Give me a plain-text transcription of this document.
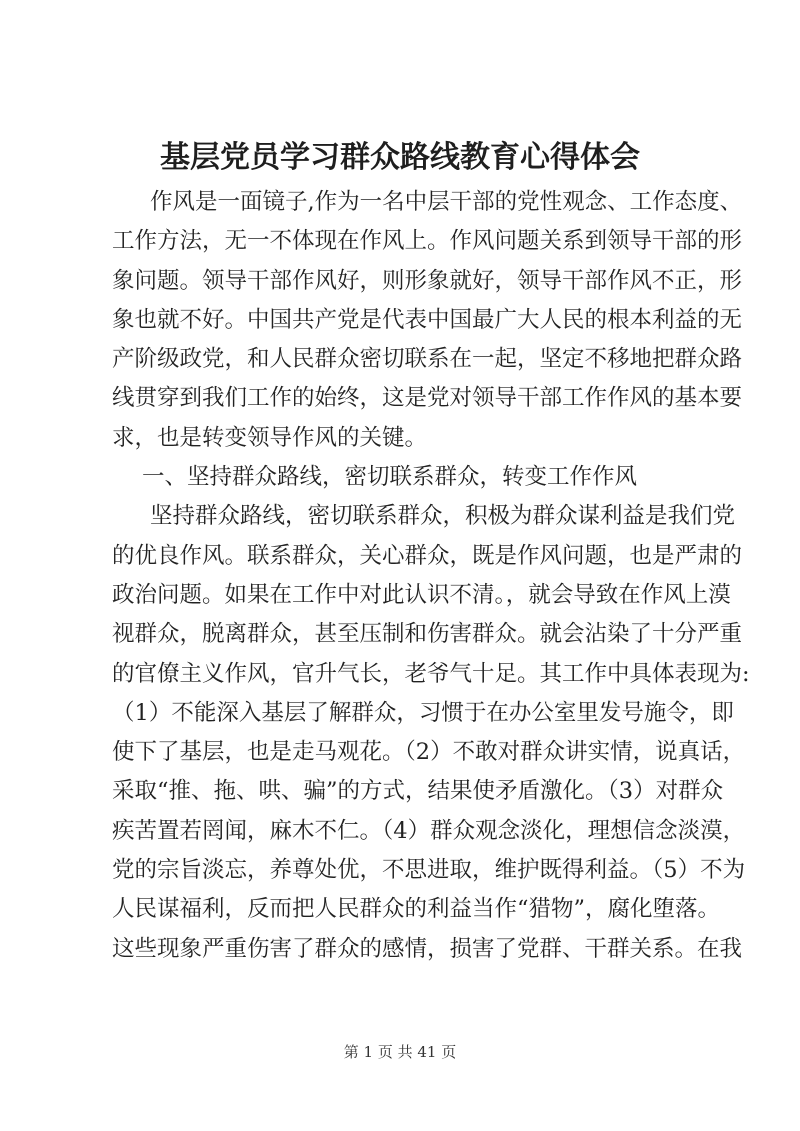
基层党员学习群众路线教育心得体会
作风是一面镜子,作为一名中层干部的党性观念、工作态度、
工作方法，无一不体现在作风上。作风问题关系到领导干部的形
象问题。领导干部作风好，则形象就好，领导干部作风不正，形
象也就不好。中国共产党是代表中国最广大人民的根本利益的无
产阶级政党，和人民群众密切联系在一起，坚定不移地把群众路
线贯穿到我们工作的始终，这是党对领导干部工作作风的基本要
求，也是转变领导作风的关键。
一、坚持群众路线，密切联系群众，转变工作作风
坚持群众路线，密切联系群众，积极为群众谋利益是我们党
的优良作风。联系群众，关心群众，既是作风问题，也是严肃的
政治问题。如果在工作中对此认识不清。，就会导致在作风上漠
视群众，脱离群众，甚至压制和伤害群众。就会沾染了十分严重
的官僚主义作风，官升气长，老爷气十足。其工作中具体表现为:
（1）不能深入基层了解群众，习惯于在办公室里发号施令，即
使下了基层，也是走马观花。（2）不敢对群众讲实情，说真话，
采取“推、拖、哄、骗”的方式，结果使矛盾激化。（3）对群众
疾苦置若罔闻，麻木不仁。（4）群众观念淡化，理想信念淡漠，
党的宗旨淡忘，养尊处优，不思进取，维护既得利益。（5）不为
人民谋福利，反而把人民群众的利益当作“猎物”，腐化堕落。
这些现象严重伤害了群众的感情，损害了党群、干群关系。在我
第 1 页 共 41 页
